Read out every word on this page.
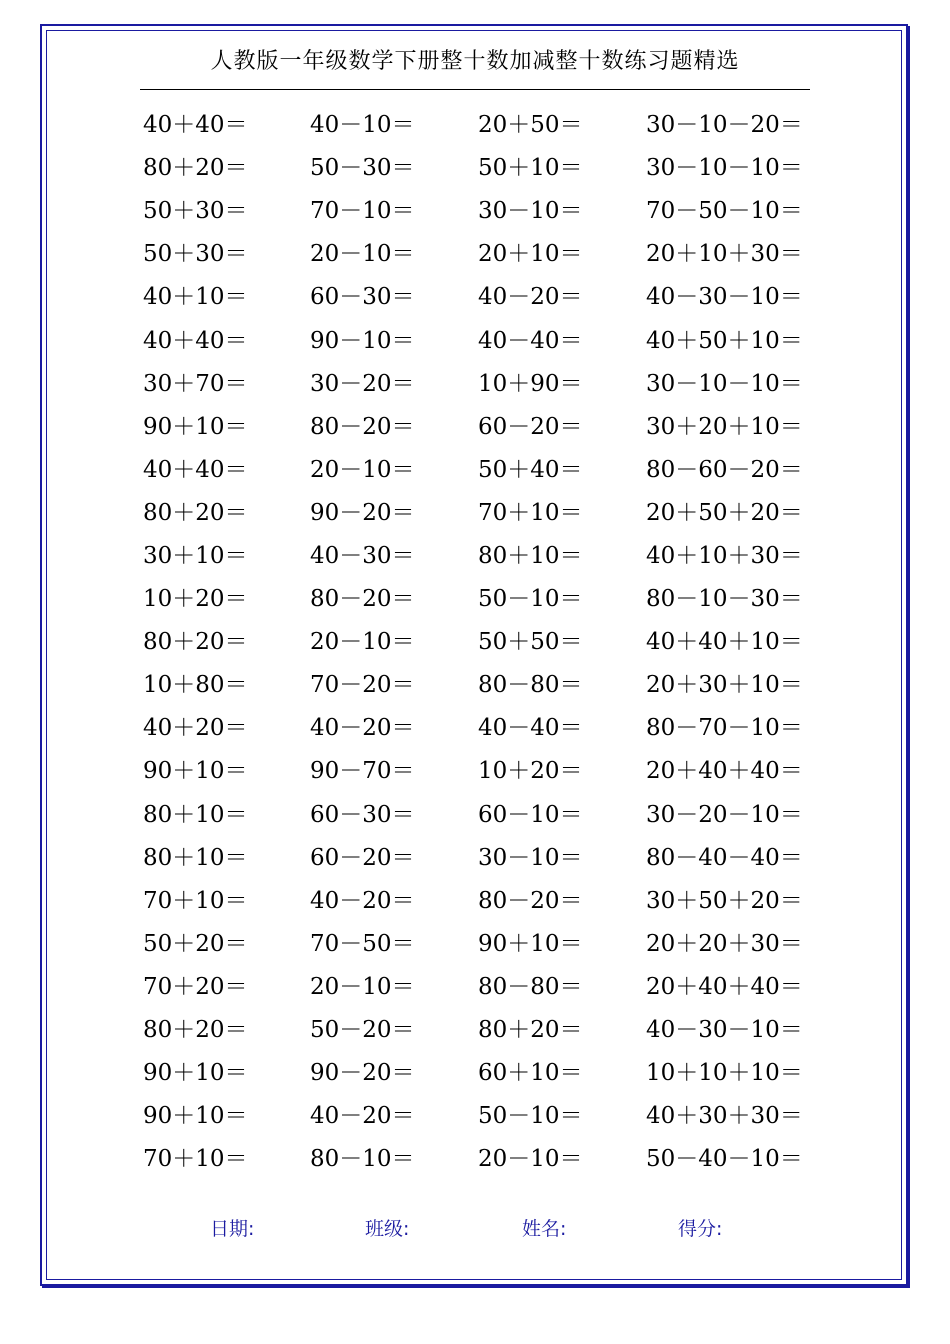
人教版一年级数学下册整十数加减整十数练习题精选
40＋40＝	40－10＝	20＋50＝	30－10－20＝
80＋20＝	50－30＝	50＋10＝	30－10－10＝
50＋30＝	70－10＝	30－10＝	70－50－10＝
50＋30＝	20－10＝	20＋10＝	20＋10＋30＝
40＋10＝	60－30＝	40－20＝	40－30－10＝
40＋40＝	90－10＝	40－40＝	40＋50＋10＝
30＋70＝	30－20＝	10＋90＝	30－10－10＝
90＋10＝	80－20＝	60－20＝	30＋20＋10＝
40＋40＝	20－10＝	50＋40＝	80－60－20＝
80＋20＝	90－20＝	70＋10＝	20＋50＋20＝
30＋10＝	40－30＝	80＋10＝	40＋10＋30＝
10＋20＝	80－20＝	50－10＝	80－10－30＝
80＋20＝	20－10＝	50＋50＝	40＋40＋10＝
10＋80＝	70－20＝	80－80＝	20＋30＋10＝
40＋20＝	40－20＝	40－40＝	80－70－10＝
90＋10＝	90－70＝	10＋20＝	20＋40＋40＝
80＋10＝	60－30＝	60－10＝	30－20－10＝
80＋10＝	60－20＝	30－10＝	80－40－40＝
70＋10＝	40－20＝	80－20＝	30＋50＋20＝
50＋20＝	70－50＝	90＋10＝	20＋20＋30＝
70＋20＝	20－10＝	80－80＝	20＋40＋40＝
80＋20＝	50－20＝	80＋20＝	40－30－10＝
90＋10＝	90－20＝	60＋10＝	10＋10＋10＝
90＋10＝	40－20＝	50－10＝	40＋30＋30＝
70＋10＝	80－10＝	20－10＝	50－40－10＝
日期:	班级:	姓名:	得分:
